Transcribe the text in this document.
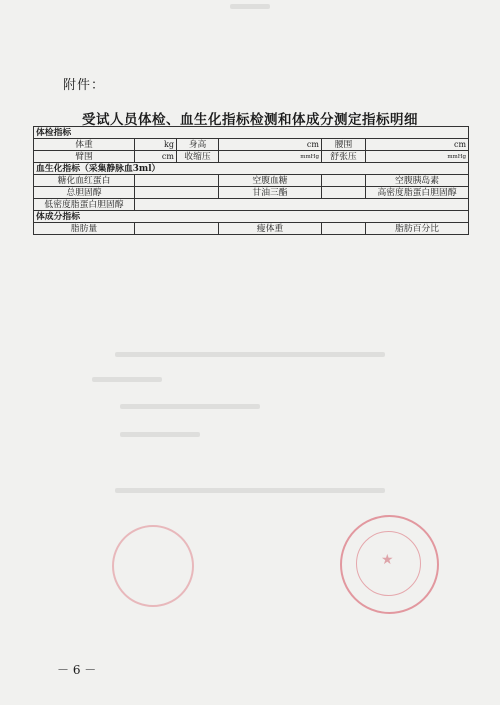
★
附件：
受试人员体检、血生化指标检测和体成分测定指标明细
体检指标					
体重	kg	身高	cm	腰围	cm
臂围	cm	收缩压	mmHg	舒张压	mmHg
血生化指标（采集静脉血3ml）					
糖化血红蛋白			空腹血糖		空腹胰岛素
总胆固醇			甘油三酯		高密度脂蛋白胆固醇
低密度脂蛋白胆固醇					
体成分指标					
脂肪量			瘦体重		脂肪百分比
－ 6 －
